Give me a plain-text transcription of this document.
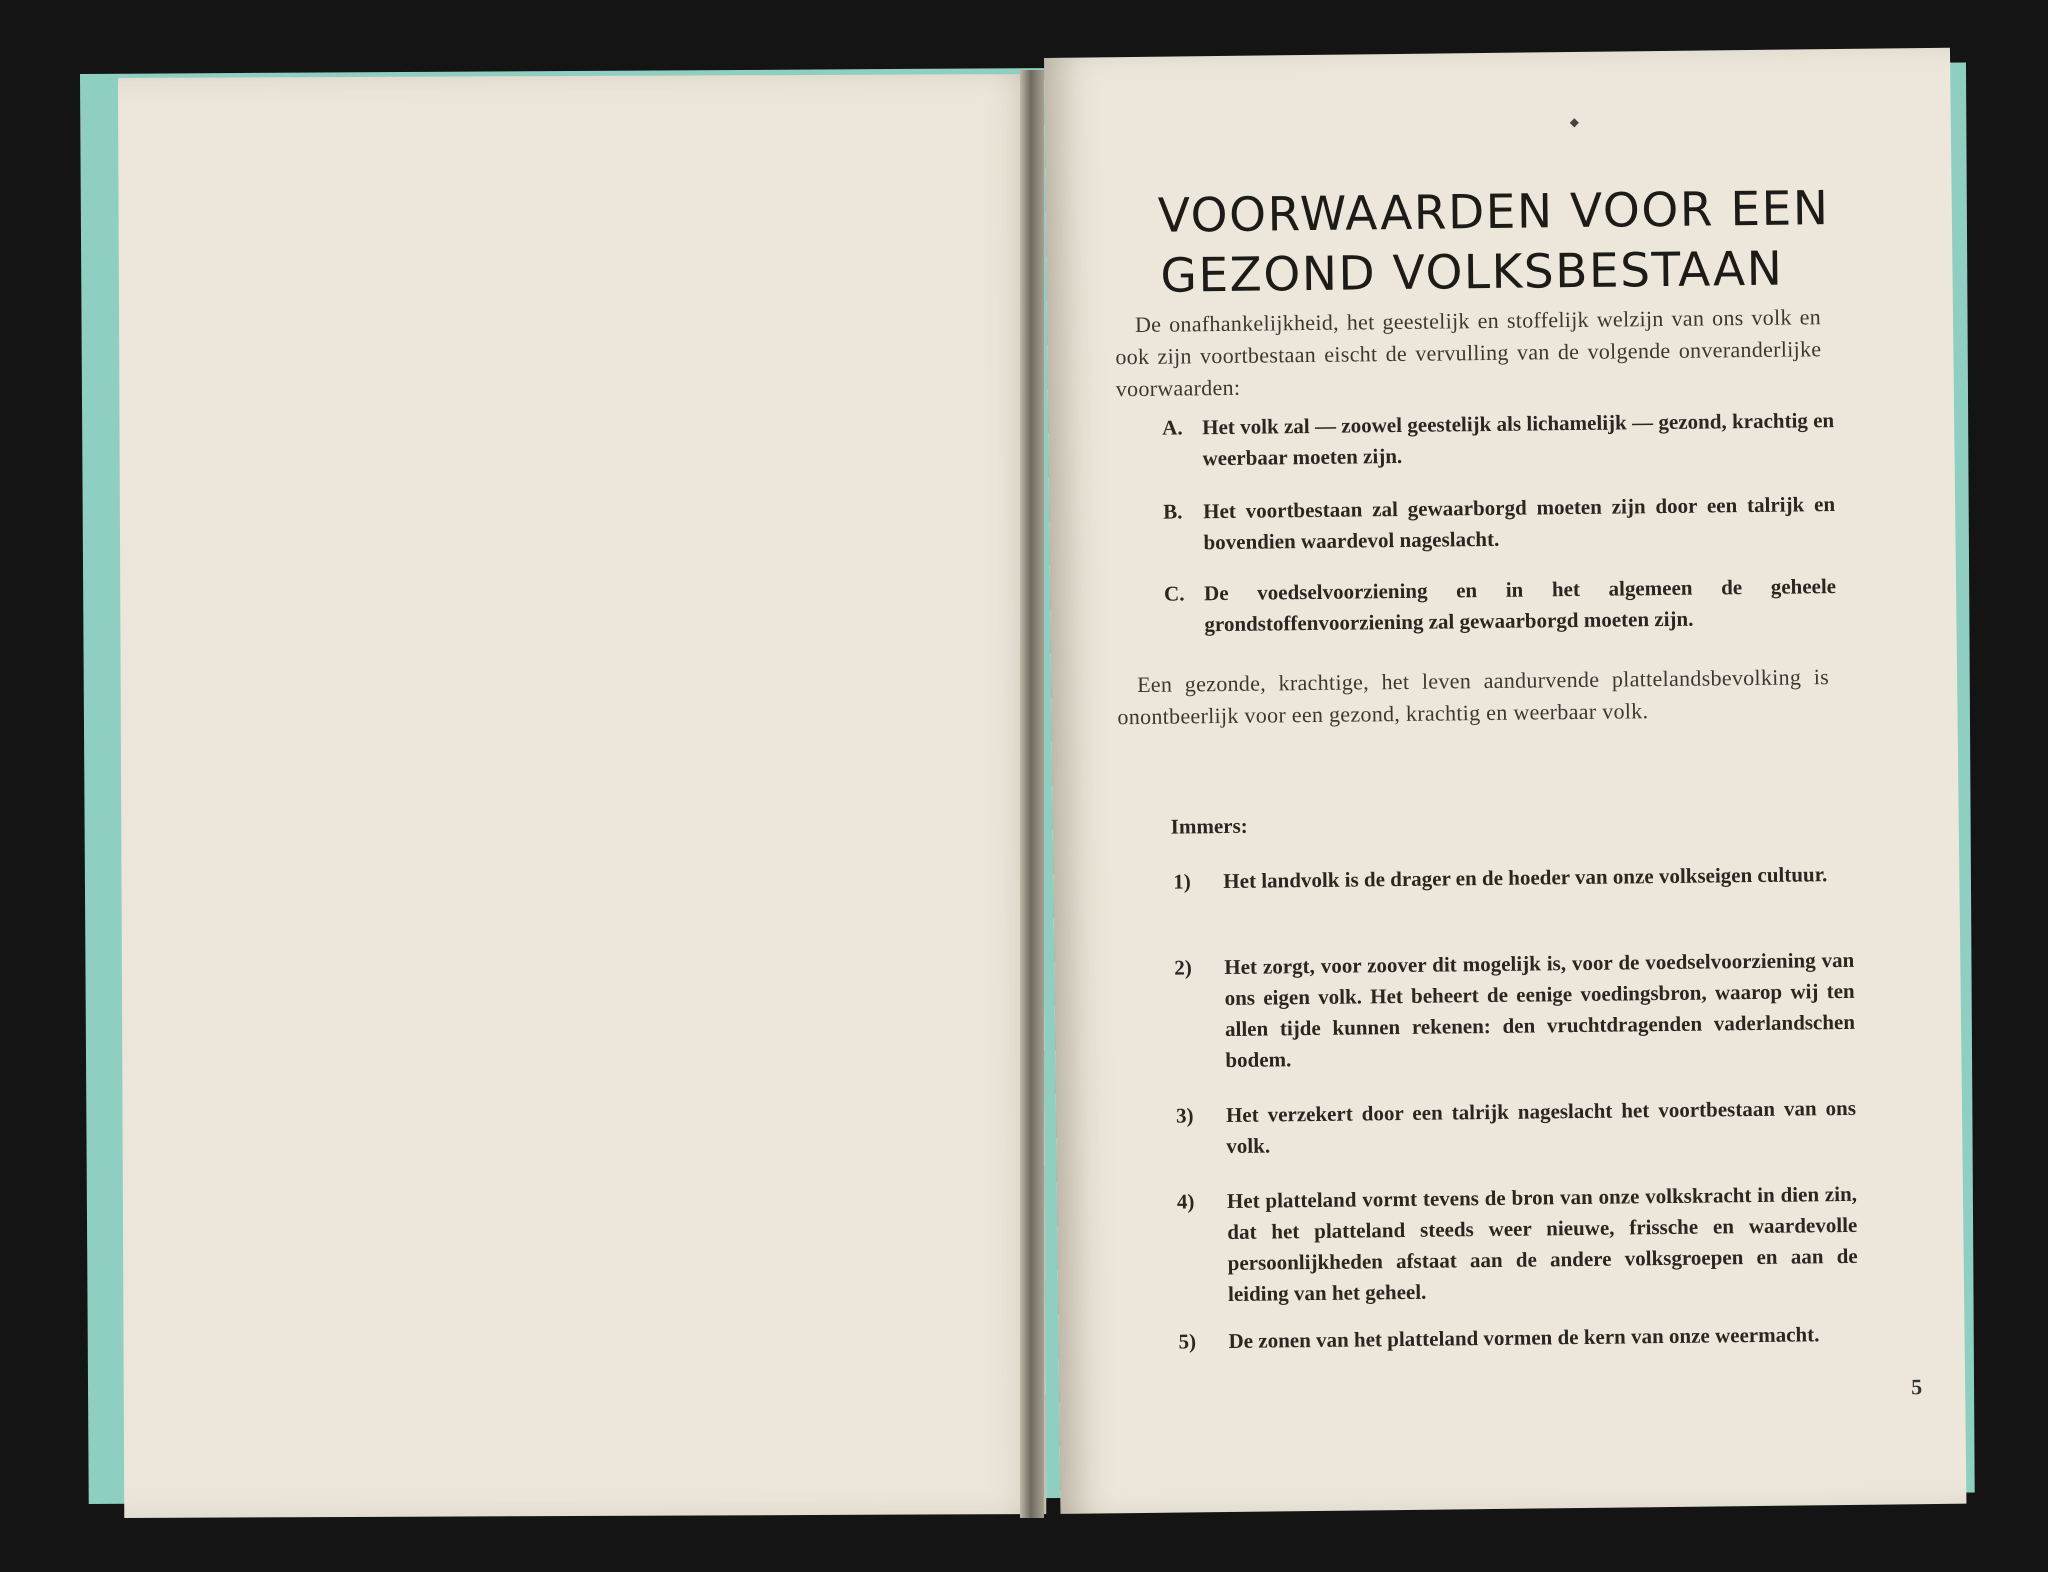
◆
VOORWAARDEN VOOR EEN
GEZOND VOLKSBESTAAN
De onafhankelijkheid, het geestelijk en stoffelijk welzijn van ons volk en ook zijn voortbestaan eischt de vervulling van de volgende onveranderlijke voorwaarden:
A. Het volk zal — zoowel geestelijk als lichamelijk — gezond, krachtig en weerbaar moeten zijn.
B. Het voortbestaan zal gewaarborgd moeten zijn door een talrijk en bovendien waardevol nageslacht.
C. De voedselvoorziening en in het algemeen de geheele grondstoffenvoorziening zal gewaarborgd moeten zijn.
Een gezonde, krachtige, het leven aandurvende plattelandsbevolking is onontbeerlijk voor een gezond, krachtig en weerbaar volk.
Immers:
1) Het landvolk is de drager en de hoeder van onze volkseigen cultuur.
2) Het zorgt, voor zoover dit mogelijk is, voor de voedselvoorziening van ons eigen volk. Het beheert de eenige voedingsbron, waarop wij ten allen tijde kunnen rekenen: den vruchtdragenden vaderlandschen bodem.
3) Het verzekert door een talrijk nageslacht het voortbestaan van ons volk.
4) Het platteland vormt tevens de bron van onze volkskracht in dien zin, dat het platteland steeds weer nieuwe, frissche en waardevolle persoonlijkheden afstaat aan de andere volksgroepen en aan de leiding van het geheel.
5) De zonen van het platteland vormen de kern van onze weermacht.
5
